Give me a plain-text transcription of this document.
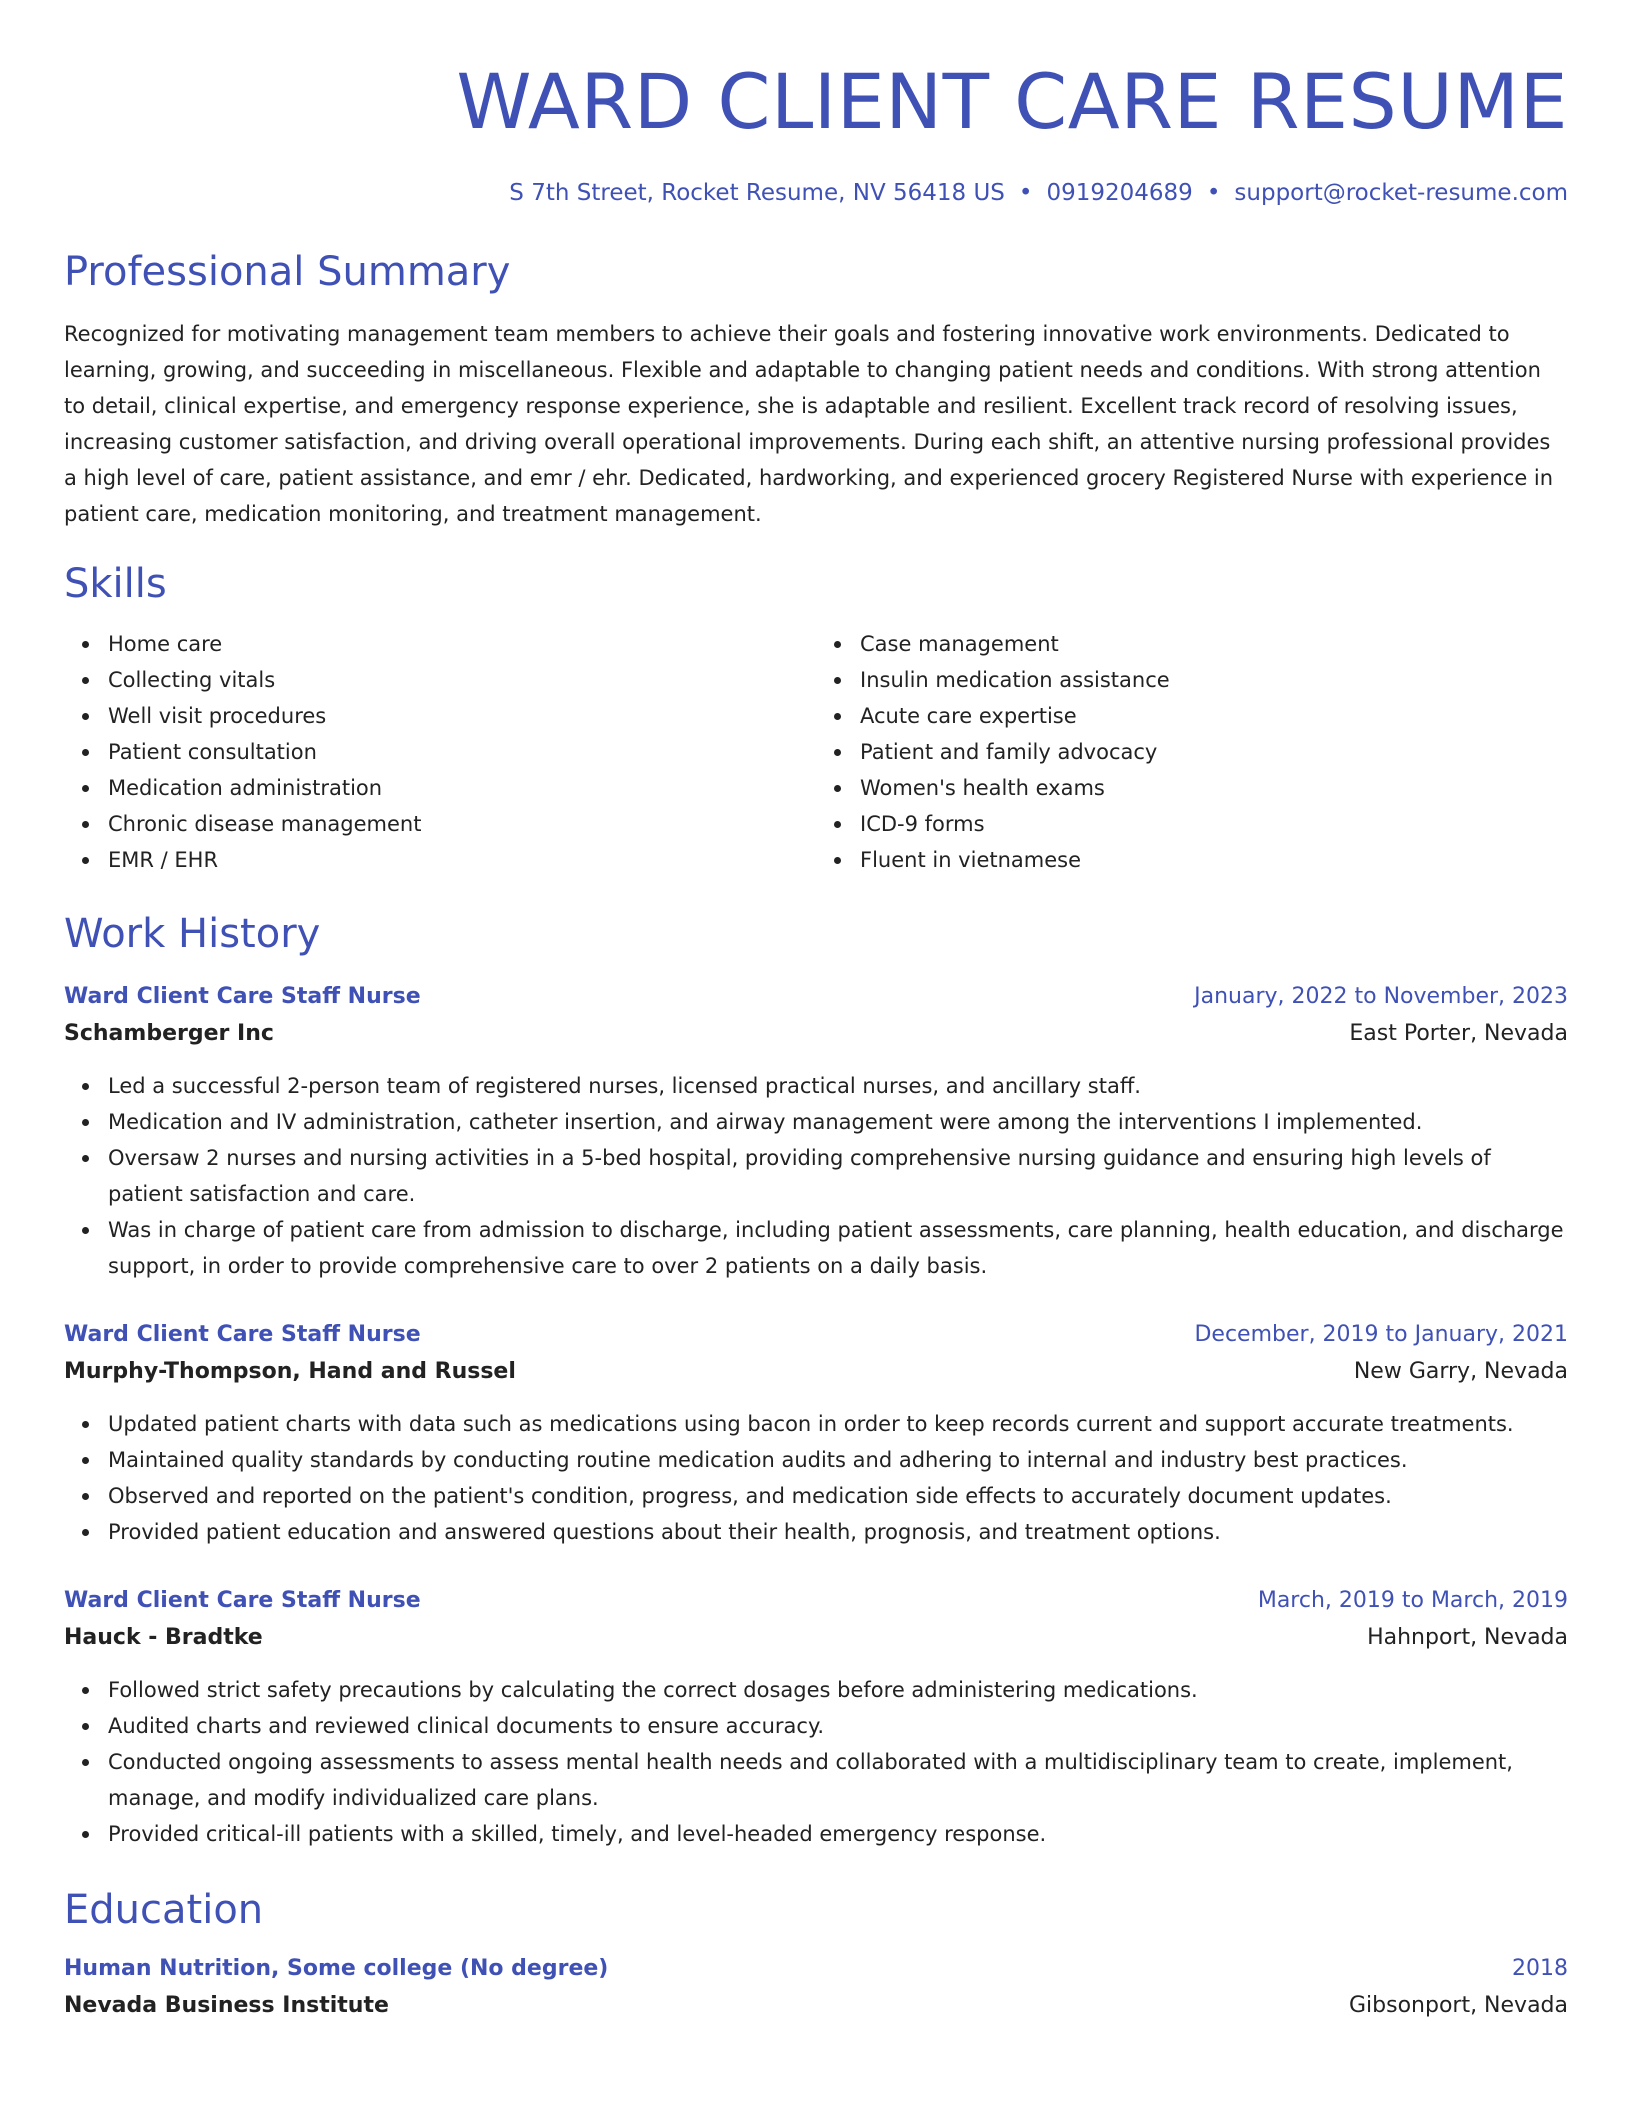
WARD CLIENT CARE RESUME
S 7th Street, Rocket Resume, NV 56418 US • 0919204689 • support@rocket-resume.com
Professional Summary

Recognized for motivating management team members to achieve their goals and fostering innovative work environments. Dedicated to learning, growing, and succeeding in miscellaneous. Flexible and adaptable to changing patient needs and conditions. With strong attention to detail, clinical expertise, and emergency response experience, she is adaptable and resilient. Excellent track record of resolving issues, increasing customer satisfaction, and driving overall operational improvements. During each shift, an attentive nursing professional provides a high level of care, patient assistance, and emr / ehr. Dedicated, hardworking, and experienced grocery Registered Nurse with experience in patient care, medication monitoring, and treatment management.

Skills
Home care
Collecting vitals
Well visit procedures
Patient consultation
Medication administration
Chronic disease management
EMR / EHR
Case management
Insulin medication assistance
Acute care expertise
Patient and family advocacy
Women's health exams
ICD-9 forms
Fluent in vietnamese
Work History
Ward Client Care Staff Nurse	January, 2022 to November, 2023
Schamberger Inc	East Porter, Nevada
Led a successful 2-person team of registered nurses, licensed practical nurses, and ancillary staff.
Medication and IV administration, catheter insertion, and airway management were among the interventions I implemented.
Oversaw 2 nurses and nursing activities in a 5-bed hospital, providing comprehensive nursing guidance and ensuring high levels of patient satisfaction and care.
Was in charge of patient care from admission to discharge, including patient assessments, care planning, health education, and discharge support, in order to provide comprehensive care to over 2 patients on a daily basis.
Ward Client Care Staff Nurse	December, 2019 to January, 2021
Murphy-Thompson, Hand and Russel	New Garry, Nevada
Updated patient charts with data such as medications using bacon in order to keep records current and support accurate treatments.
Maintained quality standards by conducting routine medication audits and adhering to internal and industry best practices.
Observed and reported on the patient's condition, progress, and medication side effects to accurately document updates.
Provided patient education and answered questions about their health, prognosis, and treatment options.
Ward Client Care Staff Nurse	March, 2019 to March, 2019
Hauck - Bradtke	Hahnport, Nevada
Followed strict safety precautions by calculating the correct dosages before administering medications.
Audited charts and reviewed clinical documents to ensure accuracy.
Conducted ongoing assessments to assess mental health needs and collaborated with a multidisciplinary team to create, implement, manage, and modify individualized care plans.
Provided critical-ill patients with a skilled, timely, and level-headed emergency response.
Education
Human Nutrition, Some college (No degree)	2018
Nevada Business Institute	Gibsonport, Nevada
